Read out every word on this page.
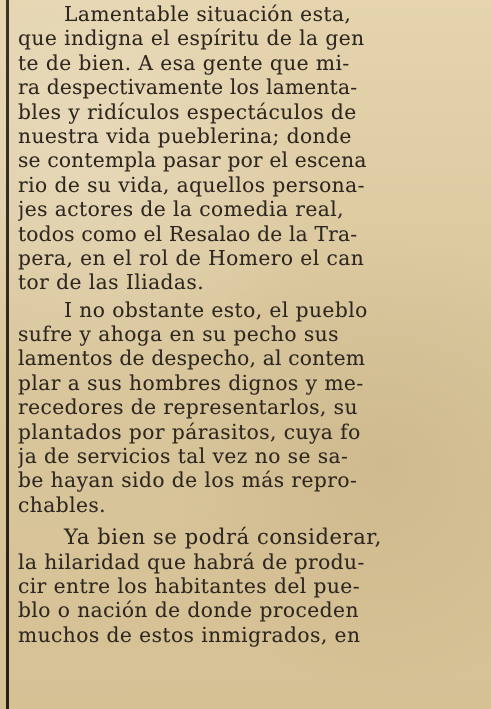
Lamentable situación esta,
que indigna el espíritu de la gen
te de bien. A esa gente que mi-
ra despectivamente los lamenta-
bles y ridículos espectáculos de
nuestra vida pueblerina; donde
se contempla pasar por el escena
rio de su vida, aquellos persona-
jes actores de la comedia real,
todos como el Resalao de la Tra-
pera, en el rol de Homero el can
tor de las Iliadas.
I no obstante esto, el pueblo
sufre y ahoga en su pecho sus
lamentos de despecho, al contem
plar a sus hombres dignos y me-
recedores de representarlos, su
plantados por párasitos, cuya fo
ja de servicios tal vez no se sa-
be hayan sido de los más repro-
chables.
Ya bien se podrá considerar,
la hilaridad que habrá de produ-
cir entre los habitantes del pue-
blo o nación de donde proceden
muchos de estos inmigrados, en
